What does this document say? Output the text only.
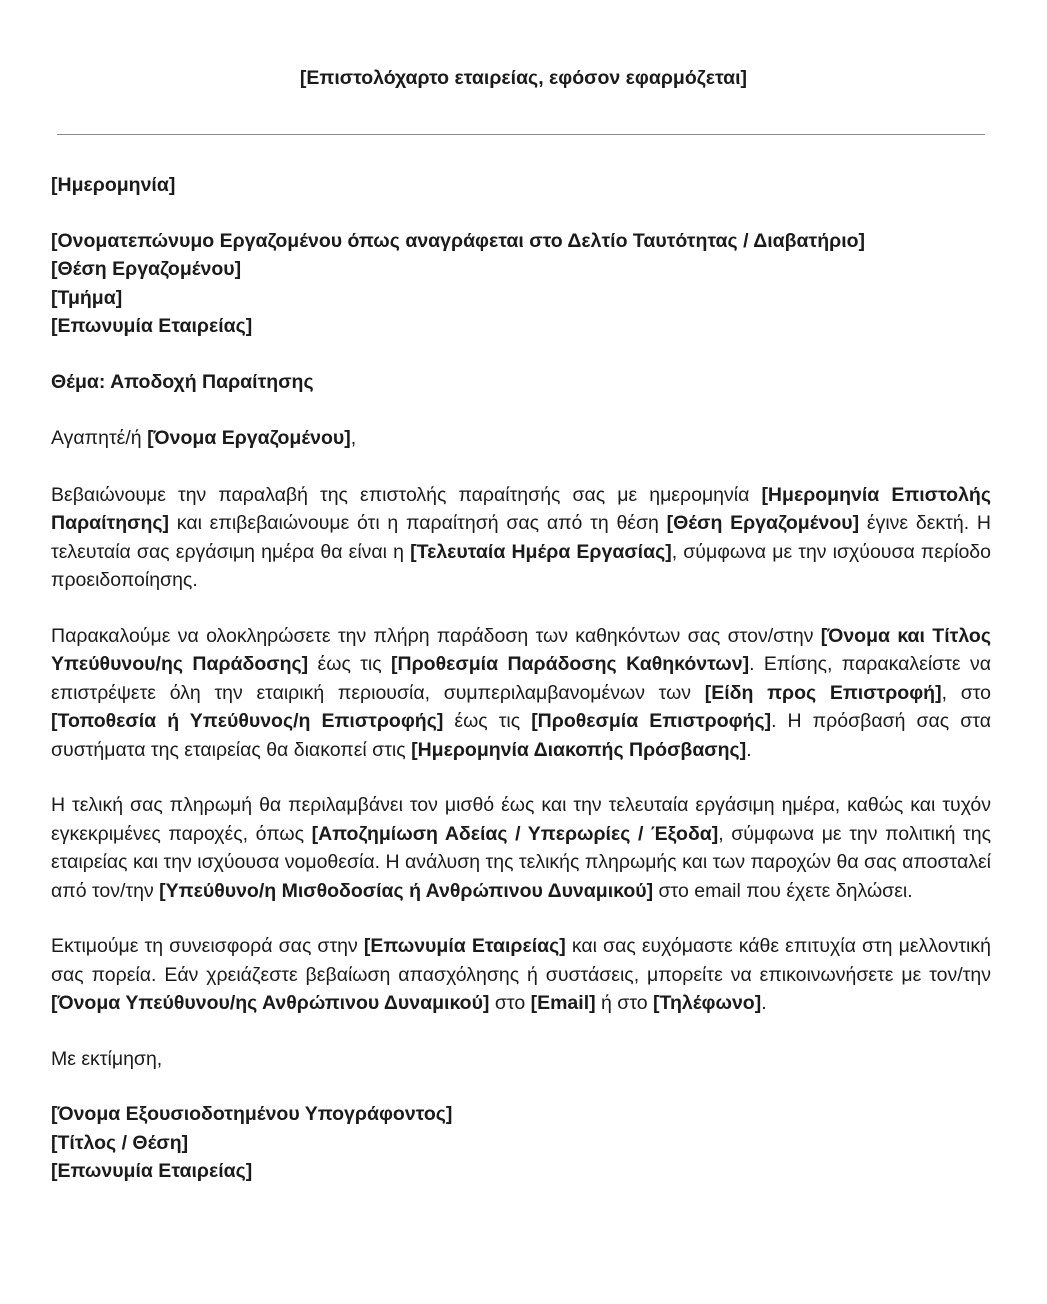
[Επιστολόχαρτο εταιρείας, εφόσον εφαρμόζεται]
[Ημερομηνία]
[Ονοματεπώνυμο Εργαζομένου όπως αναγράφεται στο Δελτίο Ταυτότητας / Διαβατήριο]
[Θέση Εργαζομένου]
[Τμήμα]
[Επωνυμία Εταιρείας]
Θέμα: Αποδοχή Παραίτησης
Αγαπητέ/ή [Όνομα Εργαζομένου],
Βεβαιώνουμε την παραλαβή της επιστολής παραίτησής σας με ημερομηνία [Ημερομηνία Επιστολής Παραίτησης] και επιβεβαιώνουμε ότι η παραίτησή σας από τη θέση [Θέση Εργαζομένου] έγινε δεκτή. Η τελευταία σας εργάσιμη ημέρα θα είναι η [Τελευταία Ημέρα Εργασίας], σύμφωνα με την ισχύουσα περίοδο προειδοποίησης.
Παρακαλούμε να ολοκληρώσετε την πλήρη παράδοση των καθηκόντων σας στον/στην [Όνομα και Τίτλος Υπεύθυνου/ης Παράδοσης] έως τις [Προθεσμία Παράδοσης Καθηκόντων]. Επίσης, παρακαλείστε να επιστρέψετε όλη την εταιρική περιουσία, συμπεριλαμβανομένων των [Είδη προς Επιστροφή], στο [Τοποθεσία ή Υπεύθυνος/η Επιστροφής] έως τις [Προθεσμία Επιστροφής]. Η πρόσβασή σας στα συστήματα της εταιρείας θα διακοπεί στις [Ημερομηνία Διακοπής Πρόσβασης].
Η τελική σας πληρωμή θα περιλαμβάνει τον μισθό έως και την τελευταία εργάσιμη ημέρα, καθώς και τυχόν εγκεκριμένες παροχές, όπως [Αποζημίωση Αδείας / Υπερωρίες / Έξοδα], σύμφωνα με την πολιτική της εταιρείας και την ισχύουσα νομοθεσία. Η ανάλυση της τελικής πληρωμής και των παροχών θα σας αποσταλεί από τον/την [Υπεύθυνο/η Μισθοδοσίας ή Ανθρώπινου Δυναμικού] στο email που έχετε δηλώσει.
Εκτιμούμε τη συνεισφορά σας στην [Επωνυμία Εταιρείας] και σας ευχόμαστε κάθε επιτυχία στη μελλοντική σας πορεία. Εάν χρειάζεστε βεβαίωση απασχόλησης ή συστάσεις, μπορείτε να επικοινωνήσετε με τον/την [Όνομα Υπεύθυνου/ης Ανθρώπινου Δυναμικού] στο [Email] ή στο [Τηλέφωνο].
Με εκτίμηση,
[Όνομα Εξουσιοδοτημένου Υπογράφοντος]
[Τίτλος / Θέση]
[Επωνυμία Εταιρείας]
